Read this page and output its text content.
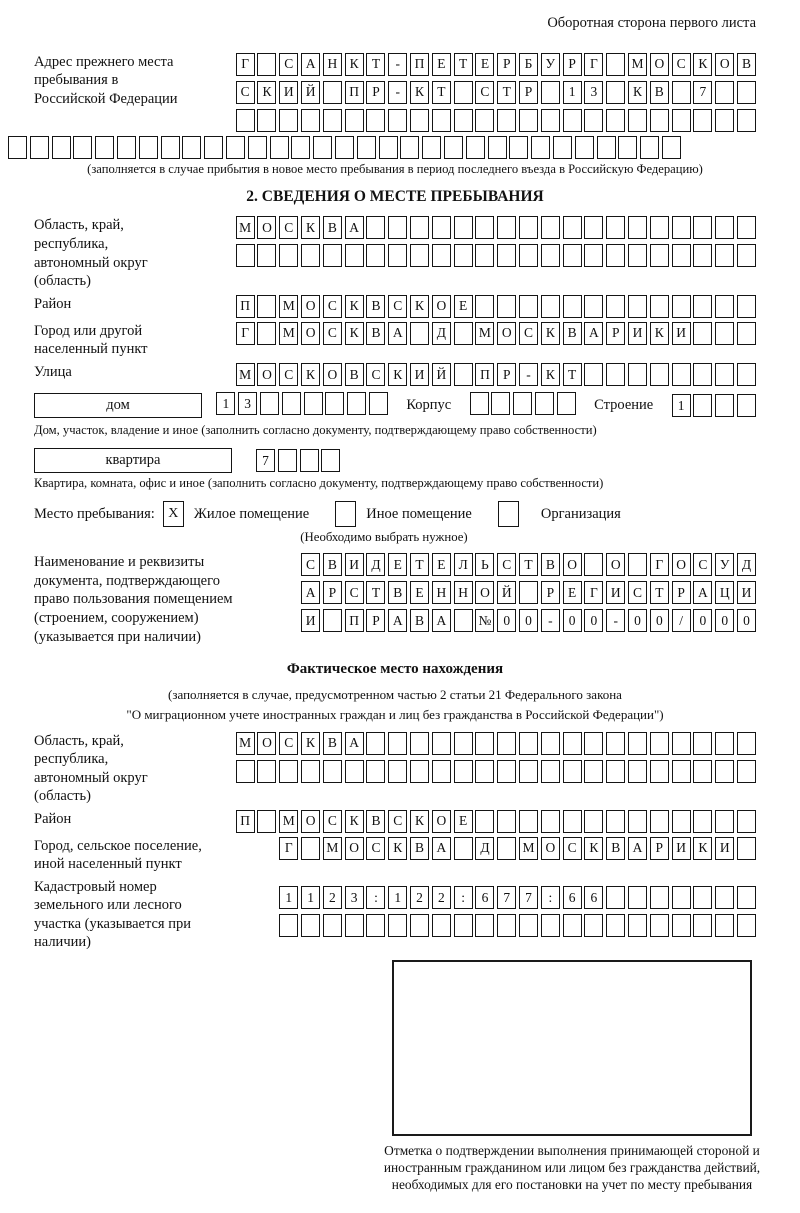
Оборотная сторона первого листа
Адрес прежнего места пребывания в Российской Федерации
Г	С А Н К Т	-	П Е	Т	Е	Р	Б У Р	Г	М О С К О В
С К И Й	П Р	-	К Т	С Т	Р	1	3	К В	7
(заполняется в случае прибытия в новое место пребывания в период последнего въезда в Российскую Федерацию)
2. СВЕДЕНИЯ О МЕСТЕ ПРЕБЫВАНИЯ
Область, край, республика, автономный округ (область)
М О С К В А
Район	П	М О С К В С К О Е
Город или другой населенный пункт
Г	М О С К В А	Д	М О С К В А Р И К И
Улица	М О С К О В С К И Й	П Р	-	К Т
дом	1	3	Корпус	Строение	1
Дом, участок, владение и иное (заполнить согласно документу, подтверждающему право собственности)
квартира	7
Квартира, комната, офис и иное (заполнить согласно документу, подтверждающему право собственности)
Место пребывания: X	Жилое помещение	Иное помещение	Организация
(Необходимо выбрать нужное)
Наименование и реквизиты документа, подтверждающего право пользования помещением (строением, сооружением) (указывается при наличии)
С В И Д Е	Т	Е Л Ь С Т В О	О	Г О С У Д
А Р	С Т В Е Н Н О Й	Р	Е	Г И С Т	Р А Ц И
И	П Р А В А	№ 0	0	-	0	0	-	0	0	/	0	0	0
Фактическое место нахождения
(заполняется в случае, предусмотренном частью 2 статьи 21 Федерального закона
"О миграционном учете иностранных граждан и лиц без гражданства в Российской Федерации")
Область, край, республика, автономный округ (область)
М О С К В А
Район	П	М О С К В С К О Е
Город, сельское поселение, иной населенный пункт
Г	М О С К В А	Д	М О С К В А Р И К И
Кадастровый номер земельного или лесного участка (указывается при наличии)
1	1	2	3	:	1	2	2	:	6	7	7	:	6	6
Отметка о подтверждении выполнения принимающей стороной и иностранным гражданином или лицом без гражданства действий, необходимых для его постановки на учет по месту пребывания
